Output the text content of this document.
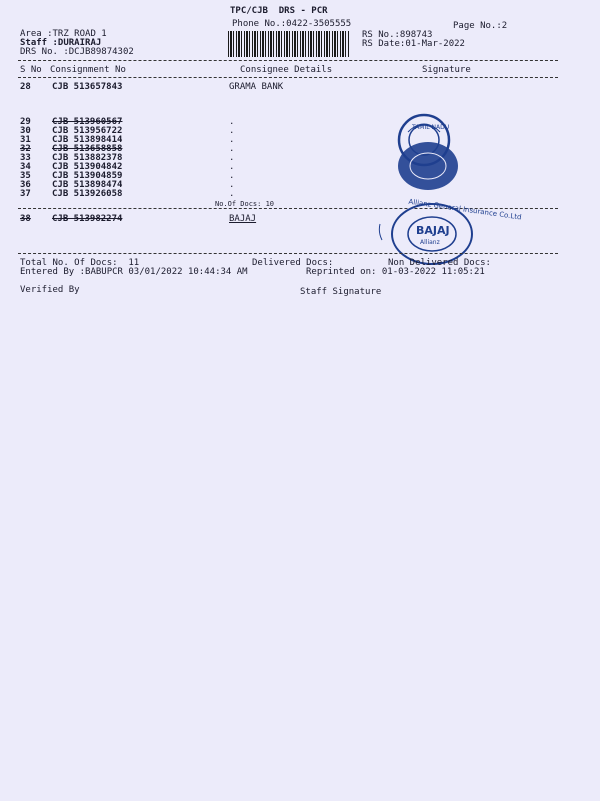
TPC/CJB  DRS - PCR
Phone No.:0422-3505555	Page No.:2
Area :TRZ ROAD 1
Staff :DURAIRAJ
DRS No. :DCJB89874302
RS No.:898743
RS Date:01-Mar-2022
S No Consignment No	Consignee Details	Signature
28 CJB 513657843	GRAMA BANK
29 CJB 513960567	.
30 CJB 513956722	.
31 CJB 513898414	.
32 CJB 513658858	.
33 CJB 513882378	.
34 CJB 513904842	.
35 CJB 513904859	.
36 CJB 513898474	.
37 CJB 513926058	.
No.Of Docs: 10
38 CJB 513982274	BAJAJ
TAMIL NADU
Allianz General Insurance Co.Ltd
BAJAJ
Allianz
Total No. Of Docs:  11	Delivered Docs:	Non Delivered Docs:
Entered By :BABUPCR 03/01/2022 10:44:34 AM	Reprinted on: 01-03-2022 11:05:21
Verified By	Staff Signature
